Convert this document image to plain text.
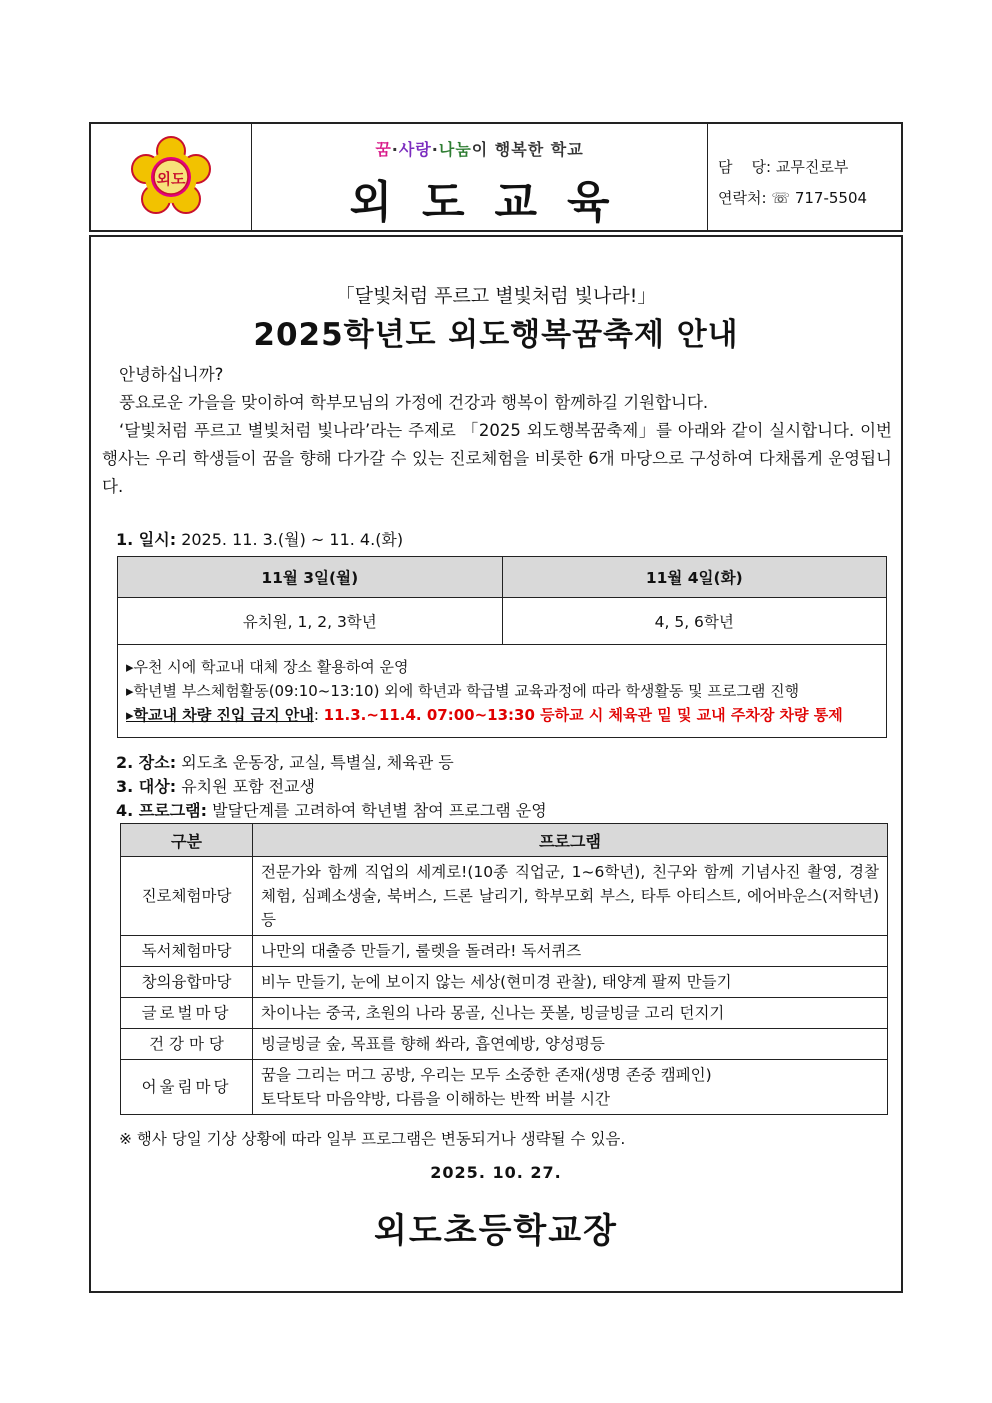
외도
꿈·사랑·나눔이 행복한 학교
외도교육
담    당: 교무진로부
연락처: ☏ 717-5504
「달빛처럼 푸르고 별빛처럼 빛나라!」
2025학년도 외도행복꿈축제 안내

안녕하십니까?

풍요로운 가을을 맞이하여 학부모님의 가정에 건강과 행복이 함께하길 기원합니다.

‘달빛처럼 푸르고 별빛처럼 빛나라’라는 주제로 「2025 외도행복꿈축제」를 아래와 같이 실시합니다. 이번 행사는 우리 학생들이 꿈을 향해 다가갈 수 있는 진로체험을 비롯한 6개 마당으로 구성하여 다채롭게 운영됩니다.

1. 일시: 2025. 11. 3.(월) ~ 11. 4.(화)
11월 3일(월)	11월 4일(화)
유치원, 1, 2, 3학년	4, 5, 6학년

▸우천 시에 학교내 대체 장소 활용하여 운영
▸학년별 부스체험활동(09:10~13:10) 외에 학년과 학급별 교육과정에 따라 학생활동 및 프로그램 진행
▸학교내 차량 진입 금지 안내: 11.3.~11.4. 07:00~13:30 등하교 시 체육관 밑 및 교내 주차장 차량 통제	
2. 장소: 외도초 운동장, 교실, 특별실, 체육관 등
3. 대상: 유치원 포함 전교생
4. 프로그램: 발달단계를 고려하여 학년별 참여 프로그램 운영
구분	프로그램
진로체험마당	전문가와 함께 직업의 세계로!(10종 직업군, 1~6학년), 친구와 함께 기념사진 촬영, 경찰 체험, 심폐소생술, 북버스, 드론 날리기, 학부모회 부스, 타투 아티스트, 에어바운스(저학년) 등
독서체험마당	나만의 대출증 만들기, 룰렛을 돌려라! 독서퀴즈
창의융합마당	비누 만들기, 눈에 보이지 않는 세상(현미경 관찰), 태양계 팔찌 만들기
글로벌마당	차이나는 중국, 초원의 나라 몽골, 신나는 풋볼, 빙글빙글 고리 던지기
건 강 마 당	빙글빙글 숲, 목표를 향해 쏴라, 흡연예방, 양성평등
어울림마당	꿈을 그리는 머그 공방, 우리는 모두 소중한 존재(생명 존중 캠페인)
토닥토닥 마음약방, 다름을 이해하는 반짝 버블 시간
※ 행사 당일 기상 상황에 따라 일부 프로그램은 변동되거나 생략될 수 있음.
2025. 10. 27.
외도초등학교장
